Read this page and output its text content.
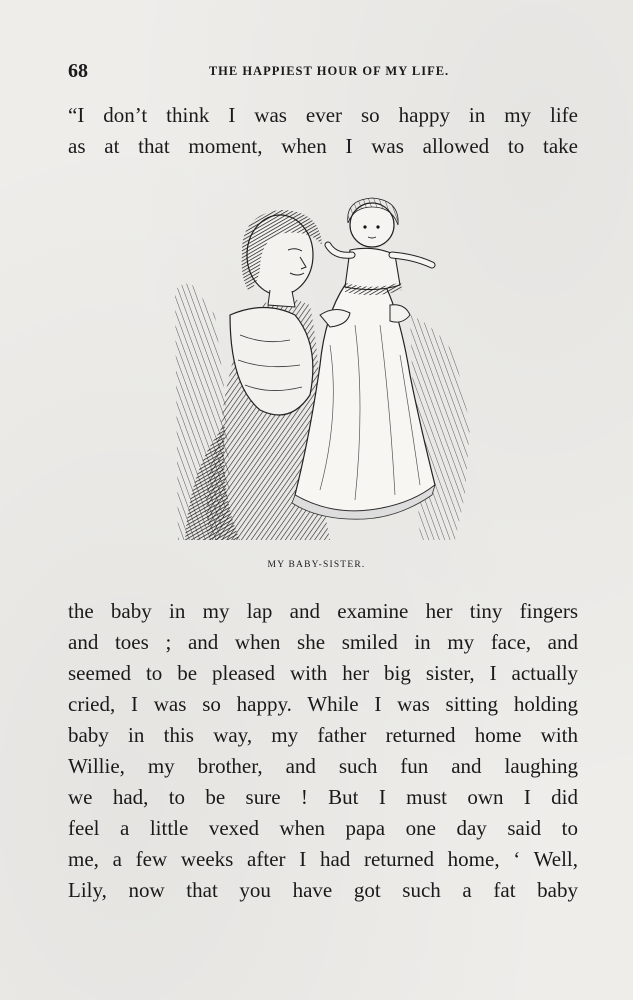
68	THE HAPPIEST HOUR OF MY LIFE.
“I don’t think I was ever so happy in my life
as at that moment, when I was allowed to take
MY BABY-SISTER.
the baby in my lap and examine her tiny fingers
and toes ; and when she smiled in my face, and
seemed to be pleased with her big sister, I actually
cried, I was so happy. While I was sitting holding
baby in this way, my father returned home with
Willie, my brother, and such fun and laughing
we had, to be sure ! But I must own I did
feel a little vexed when papa one day said to
me, a few weeks after I had returned home, ‘ Well,
Lily, now that you have got such a fat baby
